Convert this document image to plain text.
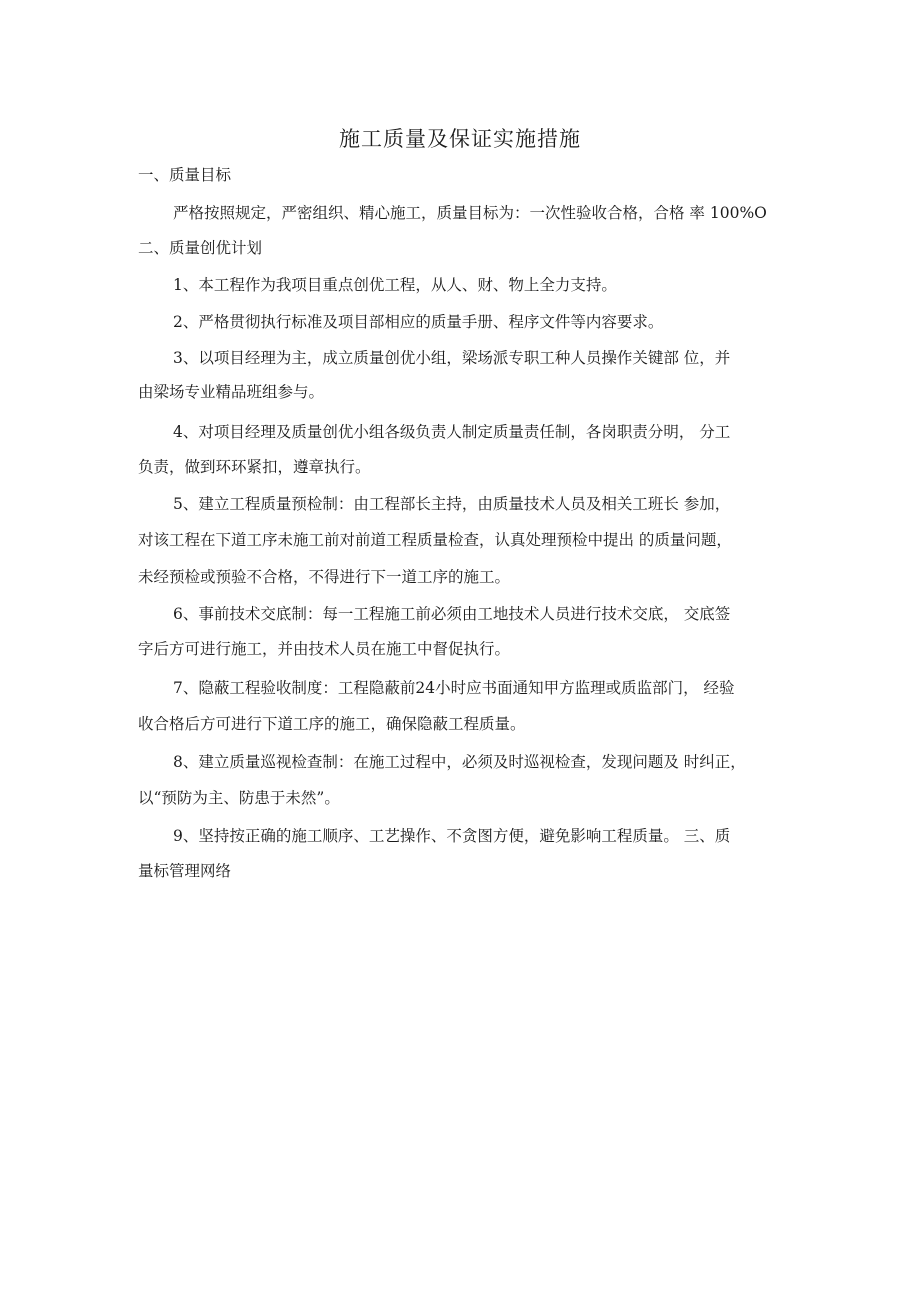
施工质量及保证实施措施
一、质量目标
严格按照规定，严密组织、精心施工，质量目标为：一次性验收合格，合格 率 100%O
二、质量创优计划
1、本工程作为我项目重点创优工程，从人、财、物上全力支持。
2、严格贯彻执行标准及项目部相应的质量手册、程序文件等内容要求。
3、以项目经理为主，成立质量创优小组，梁场派专职工种人员操作关键部 位，并
由梁场专业精品班组参与。
4、对项目经理及质量创优小组各级负责人制定质量责任制，各岗职责分明， 分工
负责，做到环环紧扣，遵章执行。
5、建立工程质量预检制：由工程部长主持，由质量技术人员及相关工班长 参加，
对该工程在下道工序未施工前对前道工程质量检查，认真处理预检中提出 的质量问题，
未经预检或预验不合格，不得进行下一道工序的施工。
6、事前技术交底制：每一工程施工前必须由工地技术人员进行技术交底， 交底签
字后方可进行施工，并由技术人员在施工中督促执行。
7、隐蔽工程验收制度：工程隐蔽前24小时应书面通知甲方监理或质监部门， 经验
收合格后方可进行下道工序的施工，确保隐蔽工程质量。
8、建立质量巡视检查制：在施工过程中，必须及时巡视检查，发现问题及 时纠正，
以“预防为主、防患于未然”。
9、坚持按正确的施工顺序、工艺操作、不贪图方便，避免影响工程质量。 三、质
量标管理网络
